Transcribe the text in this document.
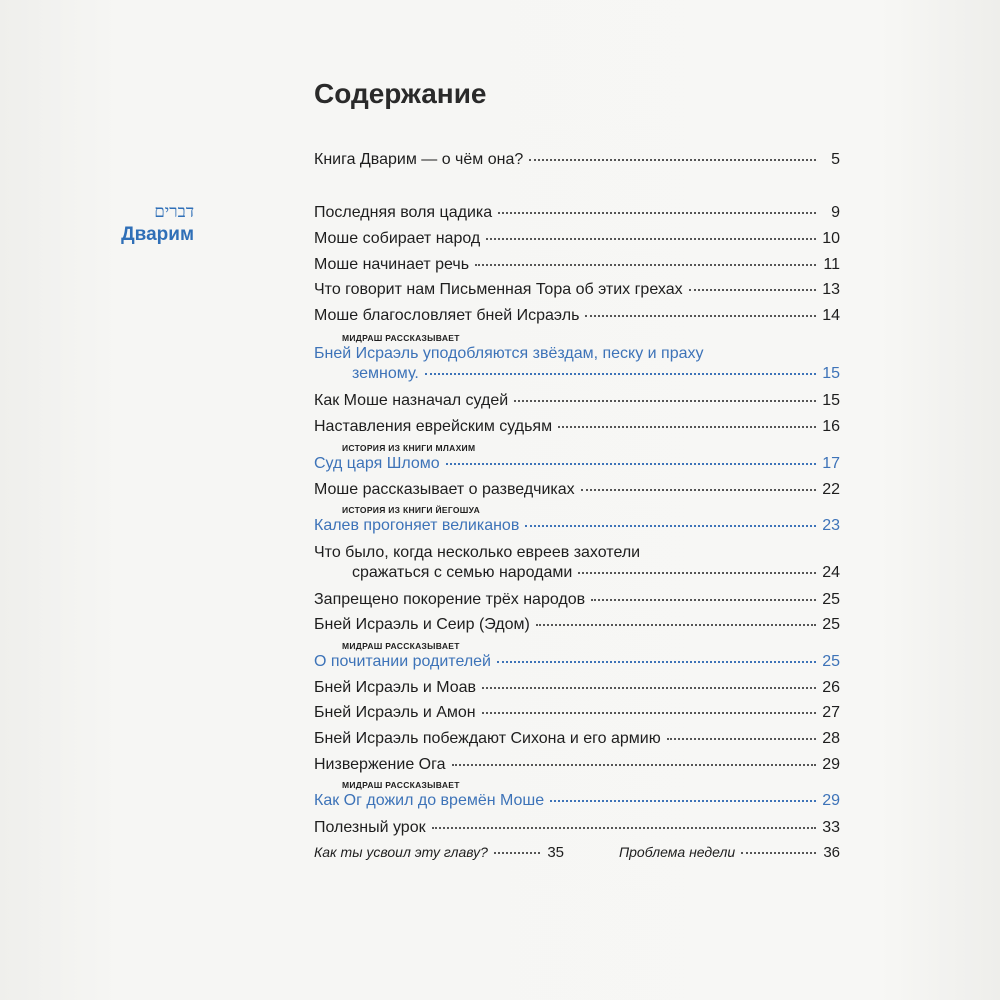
Содержание
דברים
Дварим
Книга Дварим — о чём она?	5
Последняя воля цадика	9
Моше собирает народ	10
Моше начинает речь	11
Что говорит нам Письменная Тора об этих грехах	13
Моше благословляет бней Исраэль	14
МИДРАШ РАССКАЗЫВАЕТ
Бней Исраэль уподобляются звёздам, песку и праху
земному.	15
Как Моше назначал судей	15
Наставления еврейским судьям	16
ИСТОРИЯ ИЗ КНИГИ МЛАХИМ
Суд царя Шломо	17
Моше рассказывает о разведчиках	22
ИСТОРИЯ ИЗ КНИГИ ЙЕГОШУА
Калев прогоняет великанов	23
Что было, когда несколько евреев захотели
сражаться с семью народами	24
Запрещено покорение трёх народов	25
Бней Исраэль и Сеир (Эдом)	25
МИДРАШ РАССКАЗЫВАЕТ
О почитании родителей	25
Бней Исраэль и Моав	26
Бней Исраэль и Амон	27
Бней Исраэль побеждают Сихона и его армию	28
Низвержение Ога	29
МИДРАШ РАССКАЗЫВАЕТ
Как Ог дожил до времён Моше	29
Полезный урок	33
Как ты усвоил эту главу?	35	Проблема недели	36
